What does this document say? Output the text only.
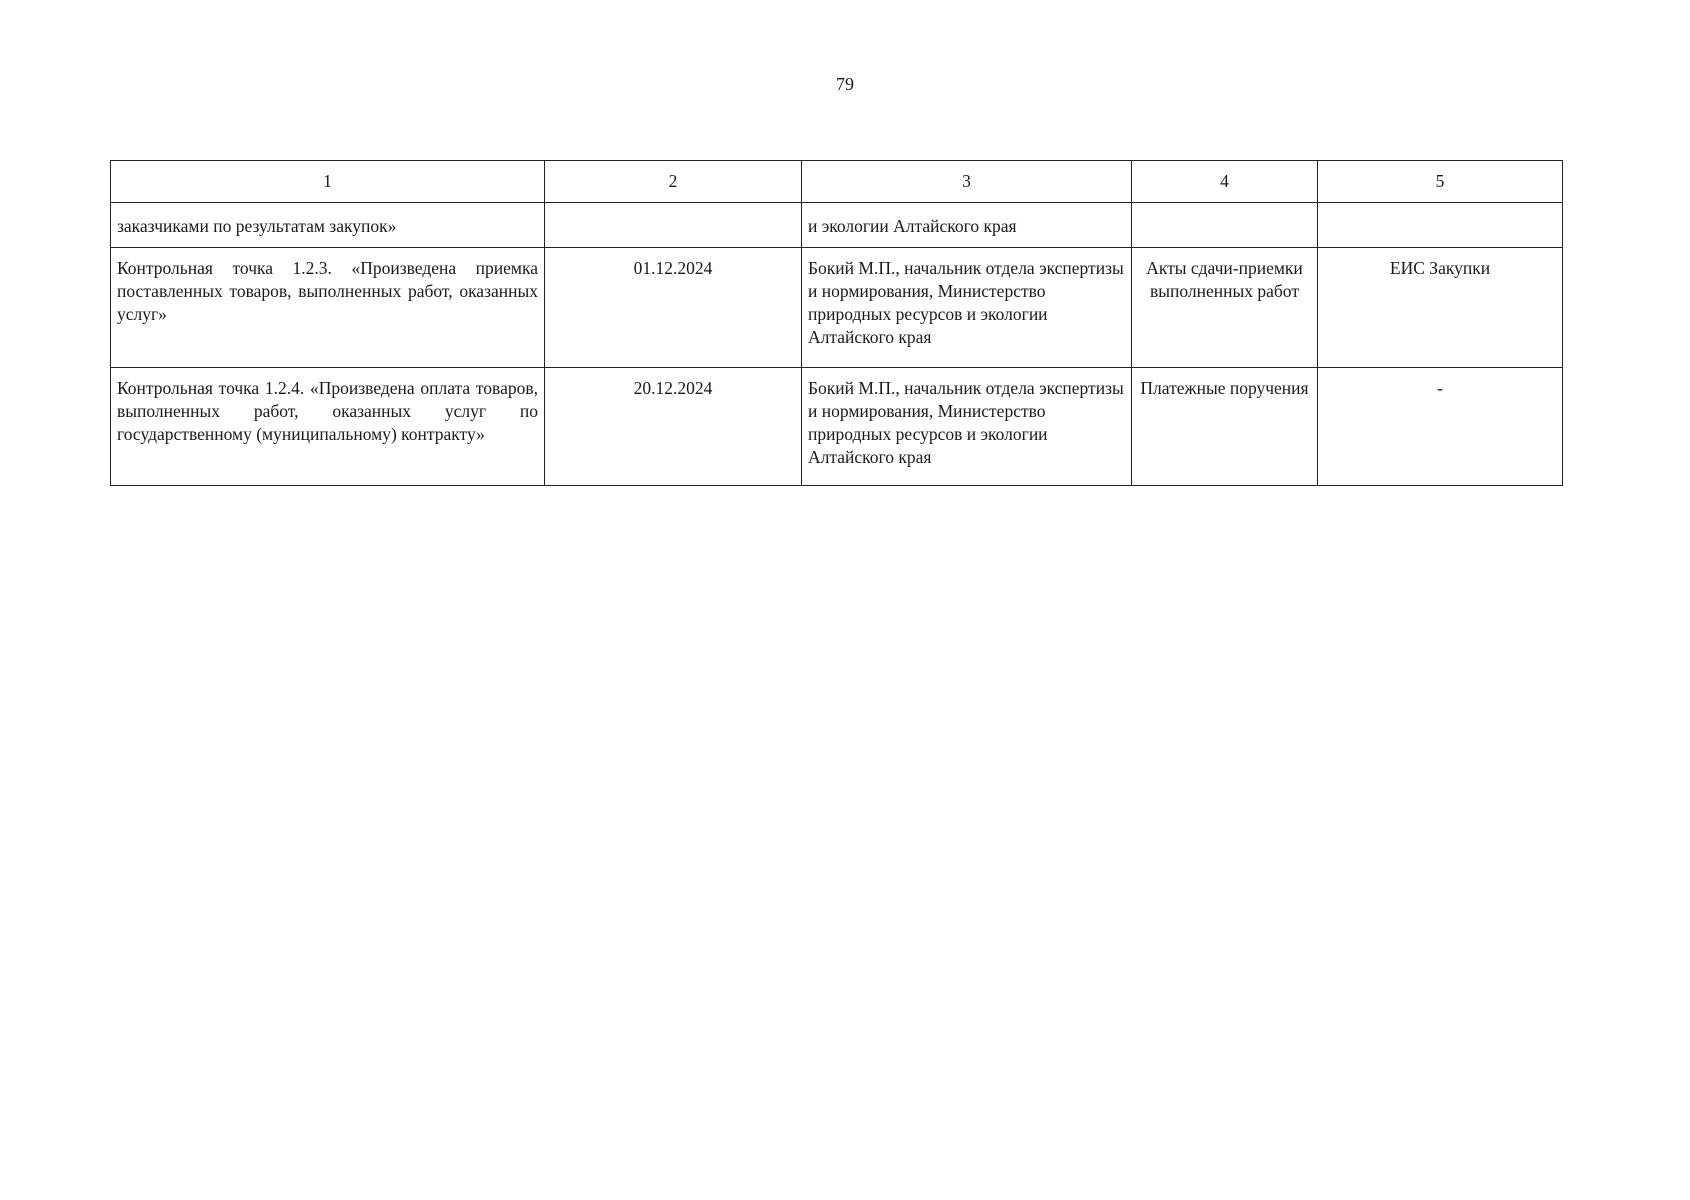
79
1	2	3	4	5
заказчиками по результатам закупок»		и экологии Алтайского края		
Контрольная точка 1.2.3. «Произведена приемка поставленных товаров, выполненных работ, оказанных услуг»	01.12.2024	Бокий М.П., начальник отдела экспертизы и нормирования, Министерство природных ресурсов и экологии Алтайского края	Акты сдачи-приемки выполненных работ	ЕИС Закупки
Контрольная точка 1.2.4. «Произведена оплата товаров, выполненных работ, оказанных услуг по государственному (муниципальному) контракту»	20.12.2024	Бокий М.П., начальник отдела экспертизы и нормирования, Министерство природных ресурсов и экологии Алтайского края	Платежные поручения	-
